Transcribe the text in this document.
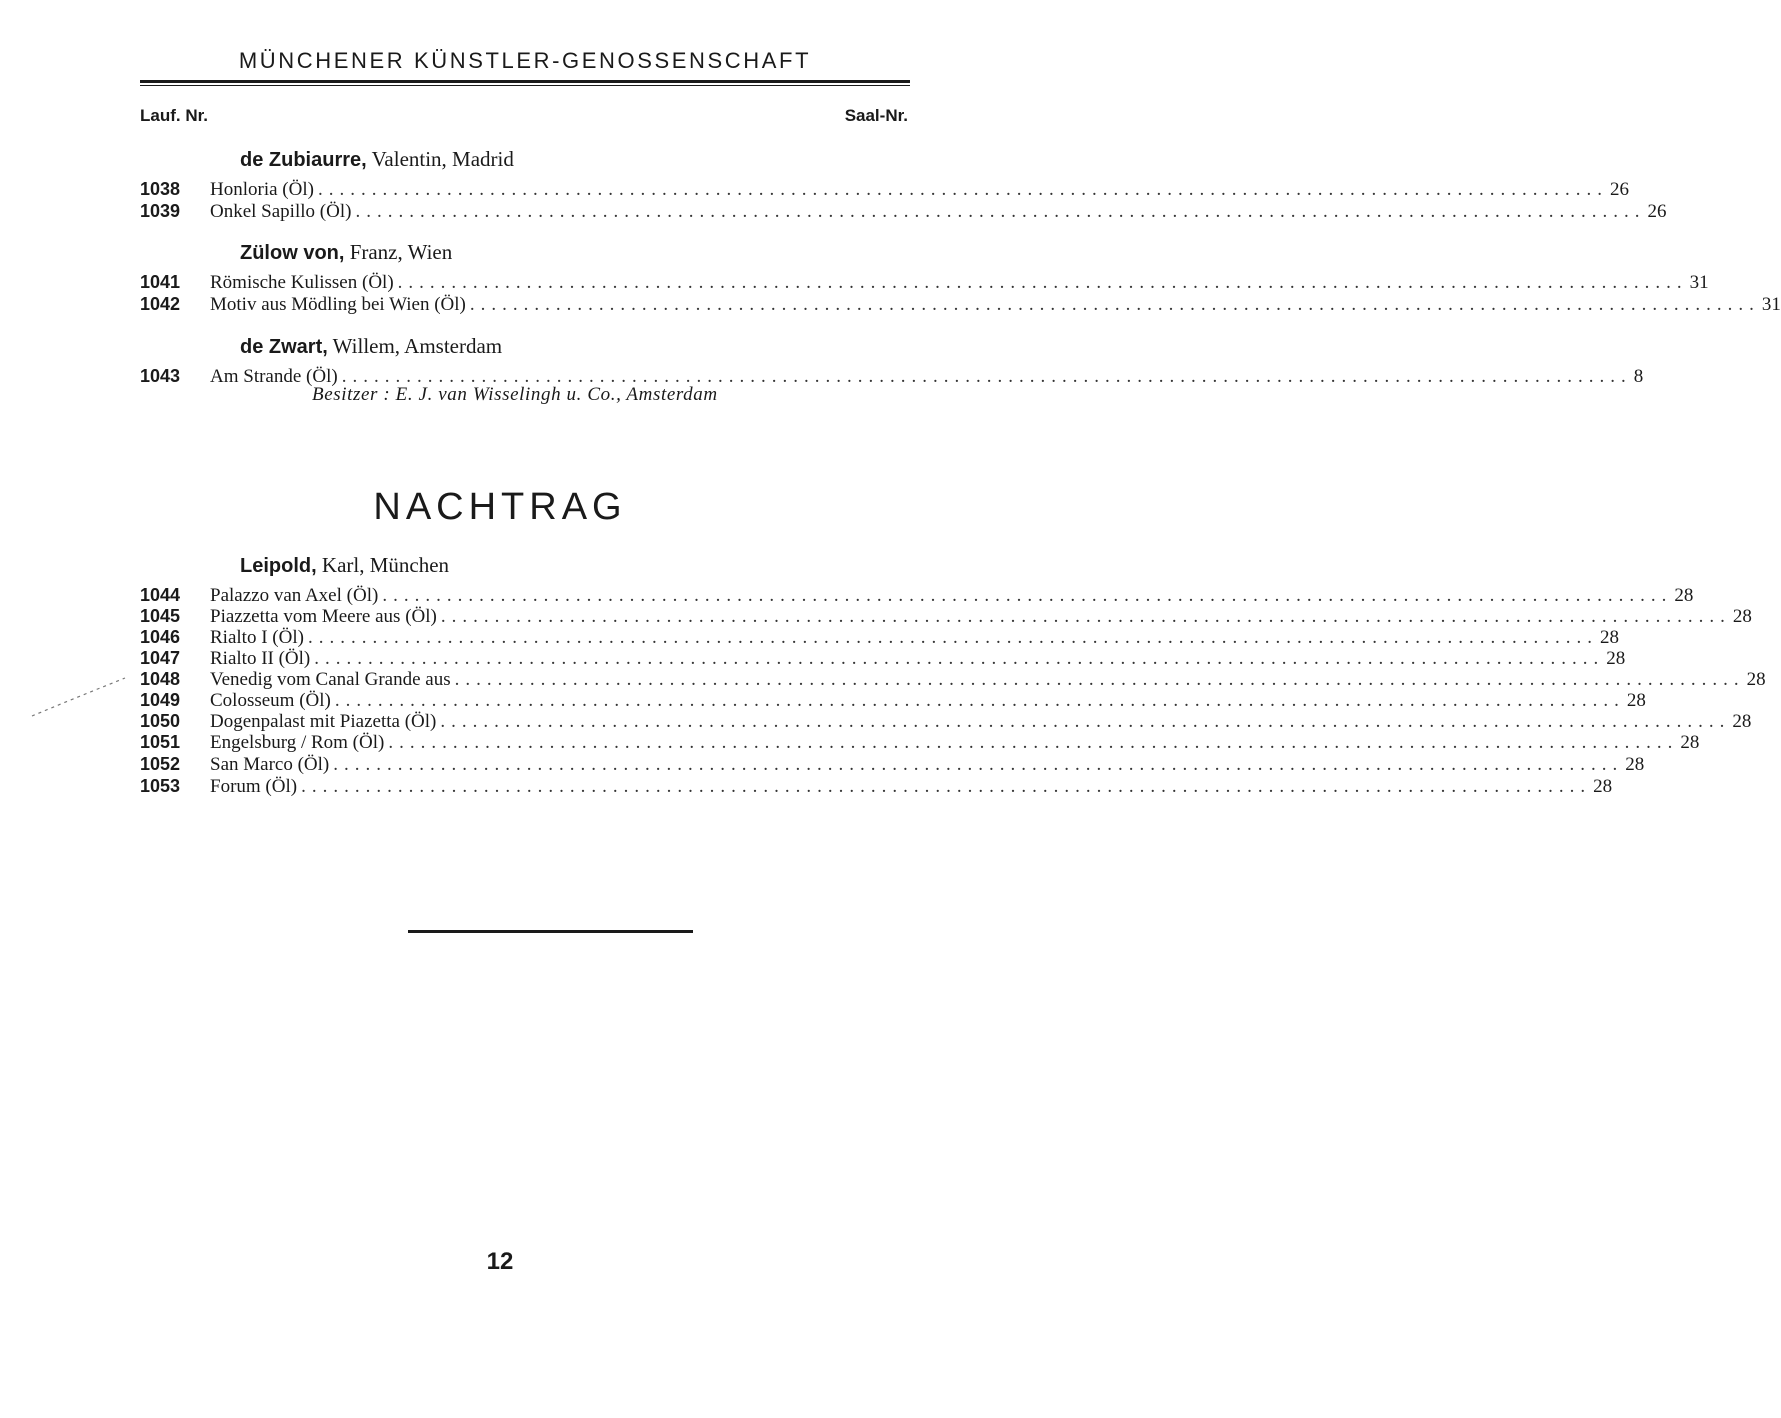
MÜNCHENER KÜNSTLER-GENOSSENSCHAFT
Lauf. Nr.	Saal-Nr.
de Zubiaurre, Valentin, Madrid
1038	Honloria (Öl) ........................................................................................................................ 26
1039	Onkel Sapillo (Öl) ........................................................................................................................ 26
Zülow von, Franz, Wien
1041	Römische Kulissen (Öl) ........................................................................................................................ 31
1042	Motiv aus Mödling bei Wien (Öl) ........................................................................................................................ 31
de Zwart, Willem, Amsterdam
1043	Am Strande (Öl) ........................................................................................................................ 8
Besitzer : E. J. van Wisselingh u. Co., Amsterdam
NACHTRAG
Leipold, Karl, München
1044	Palazzo van Axel (Öl) ........................................................................................................................ 28
1045	Piazzetta vom Meere aus (Öl) ........................................................................................................................ 28
1046	Rialto I (Öl) ........................................................................................................................ 28
1047	Rialto II (Öl) ........................................................................................................................ 28
1048	Venedig vom Canal Grande aus ........................................................................................................................ 28
1049	Colosseum (Öl) ........................................................................................................................ 28
1050	Dogenpalast mit Piazetta (Öl) ........................................................................................................................ 28
1051	Engelsburg / Rom (Öl) ........................................................................................................................ 28
1052	San Marco (Öl) ........................................................................................................................ 28
1053	Forum (Öl) ........................................................................................................................ 28
12
